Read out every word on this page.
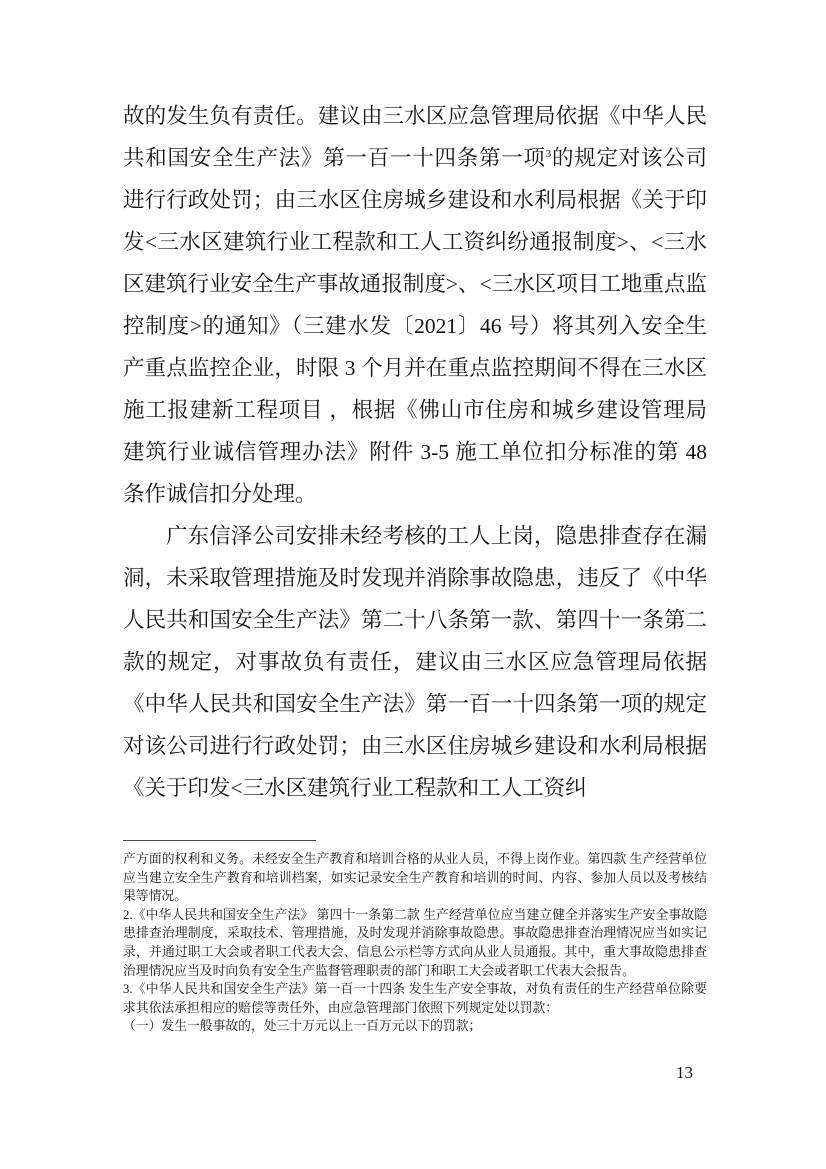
故的发生负有责任。建议由三水区应急管理局依据《中华人民共和国安全生产法》第一百一十四条第一项$^3$的规定对该公司进行行政处罚；由三水区住房城乡建设和水利局根据《关于印发<三水区建筑行业工程款和工人工资纠纷通报制度>、<三水区建筑行业安全生产事故通报制度>、<三水区项目工地重点监控制度>的通知》（三建水发〔2021〕46 号）将其列入安全生产重点监控企业，时限 3 个月并在重点监控期间不得在三水区施工报建新工程项目 ，根据《佛山市住房和城乡建设管理局建筑行业诚信管理办法》附件 3-5 施工单位扣分标准的第 48 条作诚信扣分处理。

广东信泽公司安排未经考核的工人上岗，隐患排查存在漏洞，未采取管理措施及时发现并消除事故隐患，违反了《中华人民共和国安全生产法》第二十八条第一款、第四十一条第二款的规定，对事故负有责任，建议由三水区应急管理局依据《中华人民共和国安全生产法》第一百一十四条第一项的规定对该公司进行行政处罚；由三水区住房城乡建设和水利局根据《关于印发<三水区建筑行业工程款和工人工资纠

产方面的权利和义务。未经安全生产教育和培训合格的从业人员，不得上岗作业。第四款 生产经营单位应当建立安全生产教育和培训档案，如实记录安全生产教育和培训的时间、内容、参加人员以及考核结果等情况。

2.《中华人民共和国安全生产法》 第四十一条第二款 生产经营单位应当建立健全并落实生产安全事故隐患排查治理制度，采取技术、管理措施，及时发现并消除事故隐患。事故隐患排查治理情况应当如实记录，并通过职工大会或者职工代表大会、信息公示栏等方式向从业人员通报。其中，重大事故隐患排查治理情况应当及时向负有安全生产监督管理职责的部门和职工大会或者职工代表大会报告。

3.《中华人民共和国安全生产法》第一百一十四条 发生生产安全事故，对负有责任的生产经营单位除要求其依法承担相应的赔偿等责任外，由应急管理部门依照下列规定处以罚款：

（一）发生一般事故的，处三十万元以上一百万元以下的罚款；

13
